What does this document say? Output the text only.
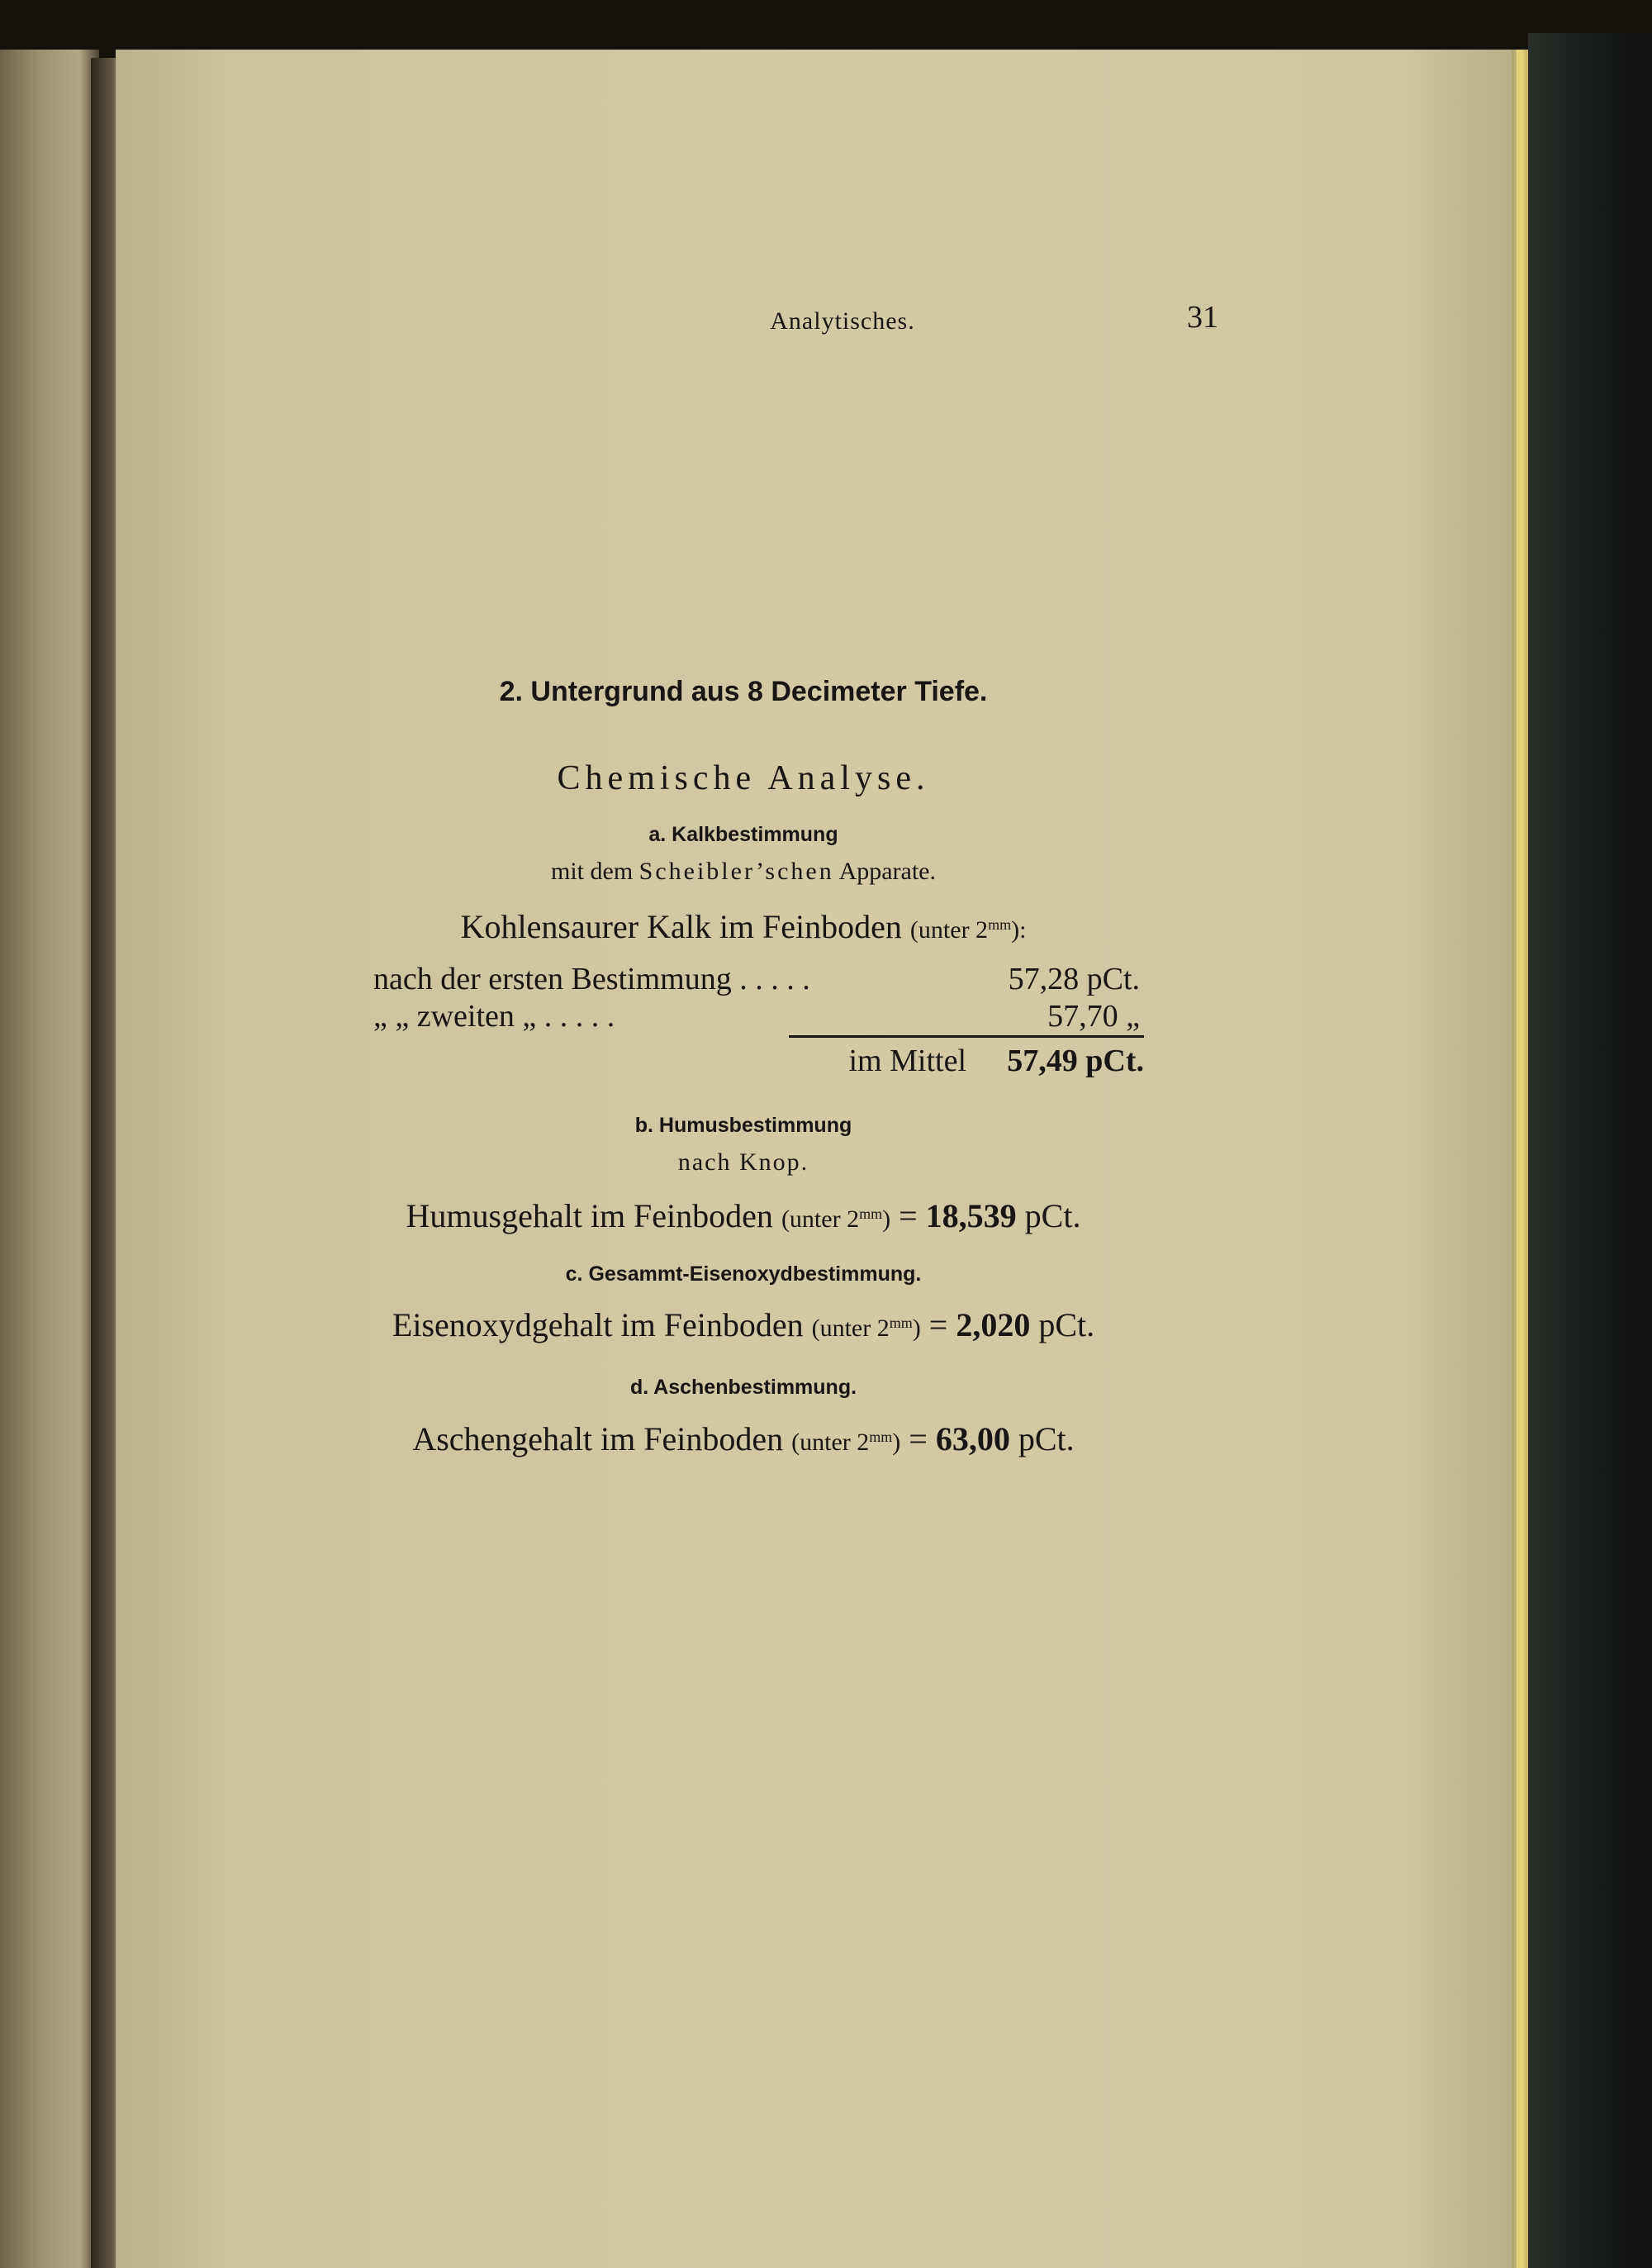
Analytisches.	31
2. Untergrund aus 8 Decimeter Tiefe.
Chemische Analyse.
a. Kalkbestimmung
mit dem Scheibler’schen Apparate.
Kohlensaurer Kalk im Feinboden (unter $2^{mm}$):
nach der ersten Bestimmung . . . . .	57,28 pCt.
„ „ zweiten „ . . . . .	57,70 „
im Mittel	57,49 pCt.
b. Humusbestimmung
nach Knop.
Humusgehalt im Feinboden (unter $2^{mm}) = 18,539$ pCt.
c. Gesammt-Eisenoxydbestimmung.
Eisenoxydgehalt im Feinboden (unter $2^{mm}) = 2,020$ pCt.
d. Aschenbestimmung.
Aschengehalt im Feinboden (unter $2^{mm}) = 63,00$ pCt.
